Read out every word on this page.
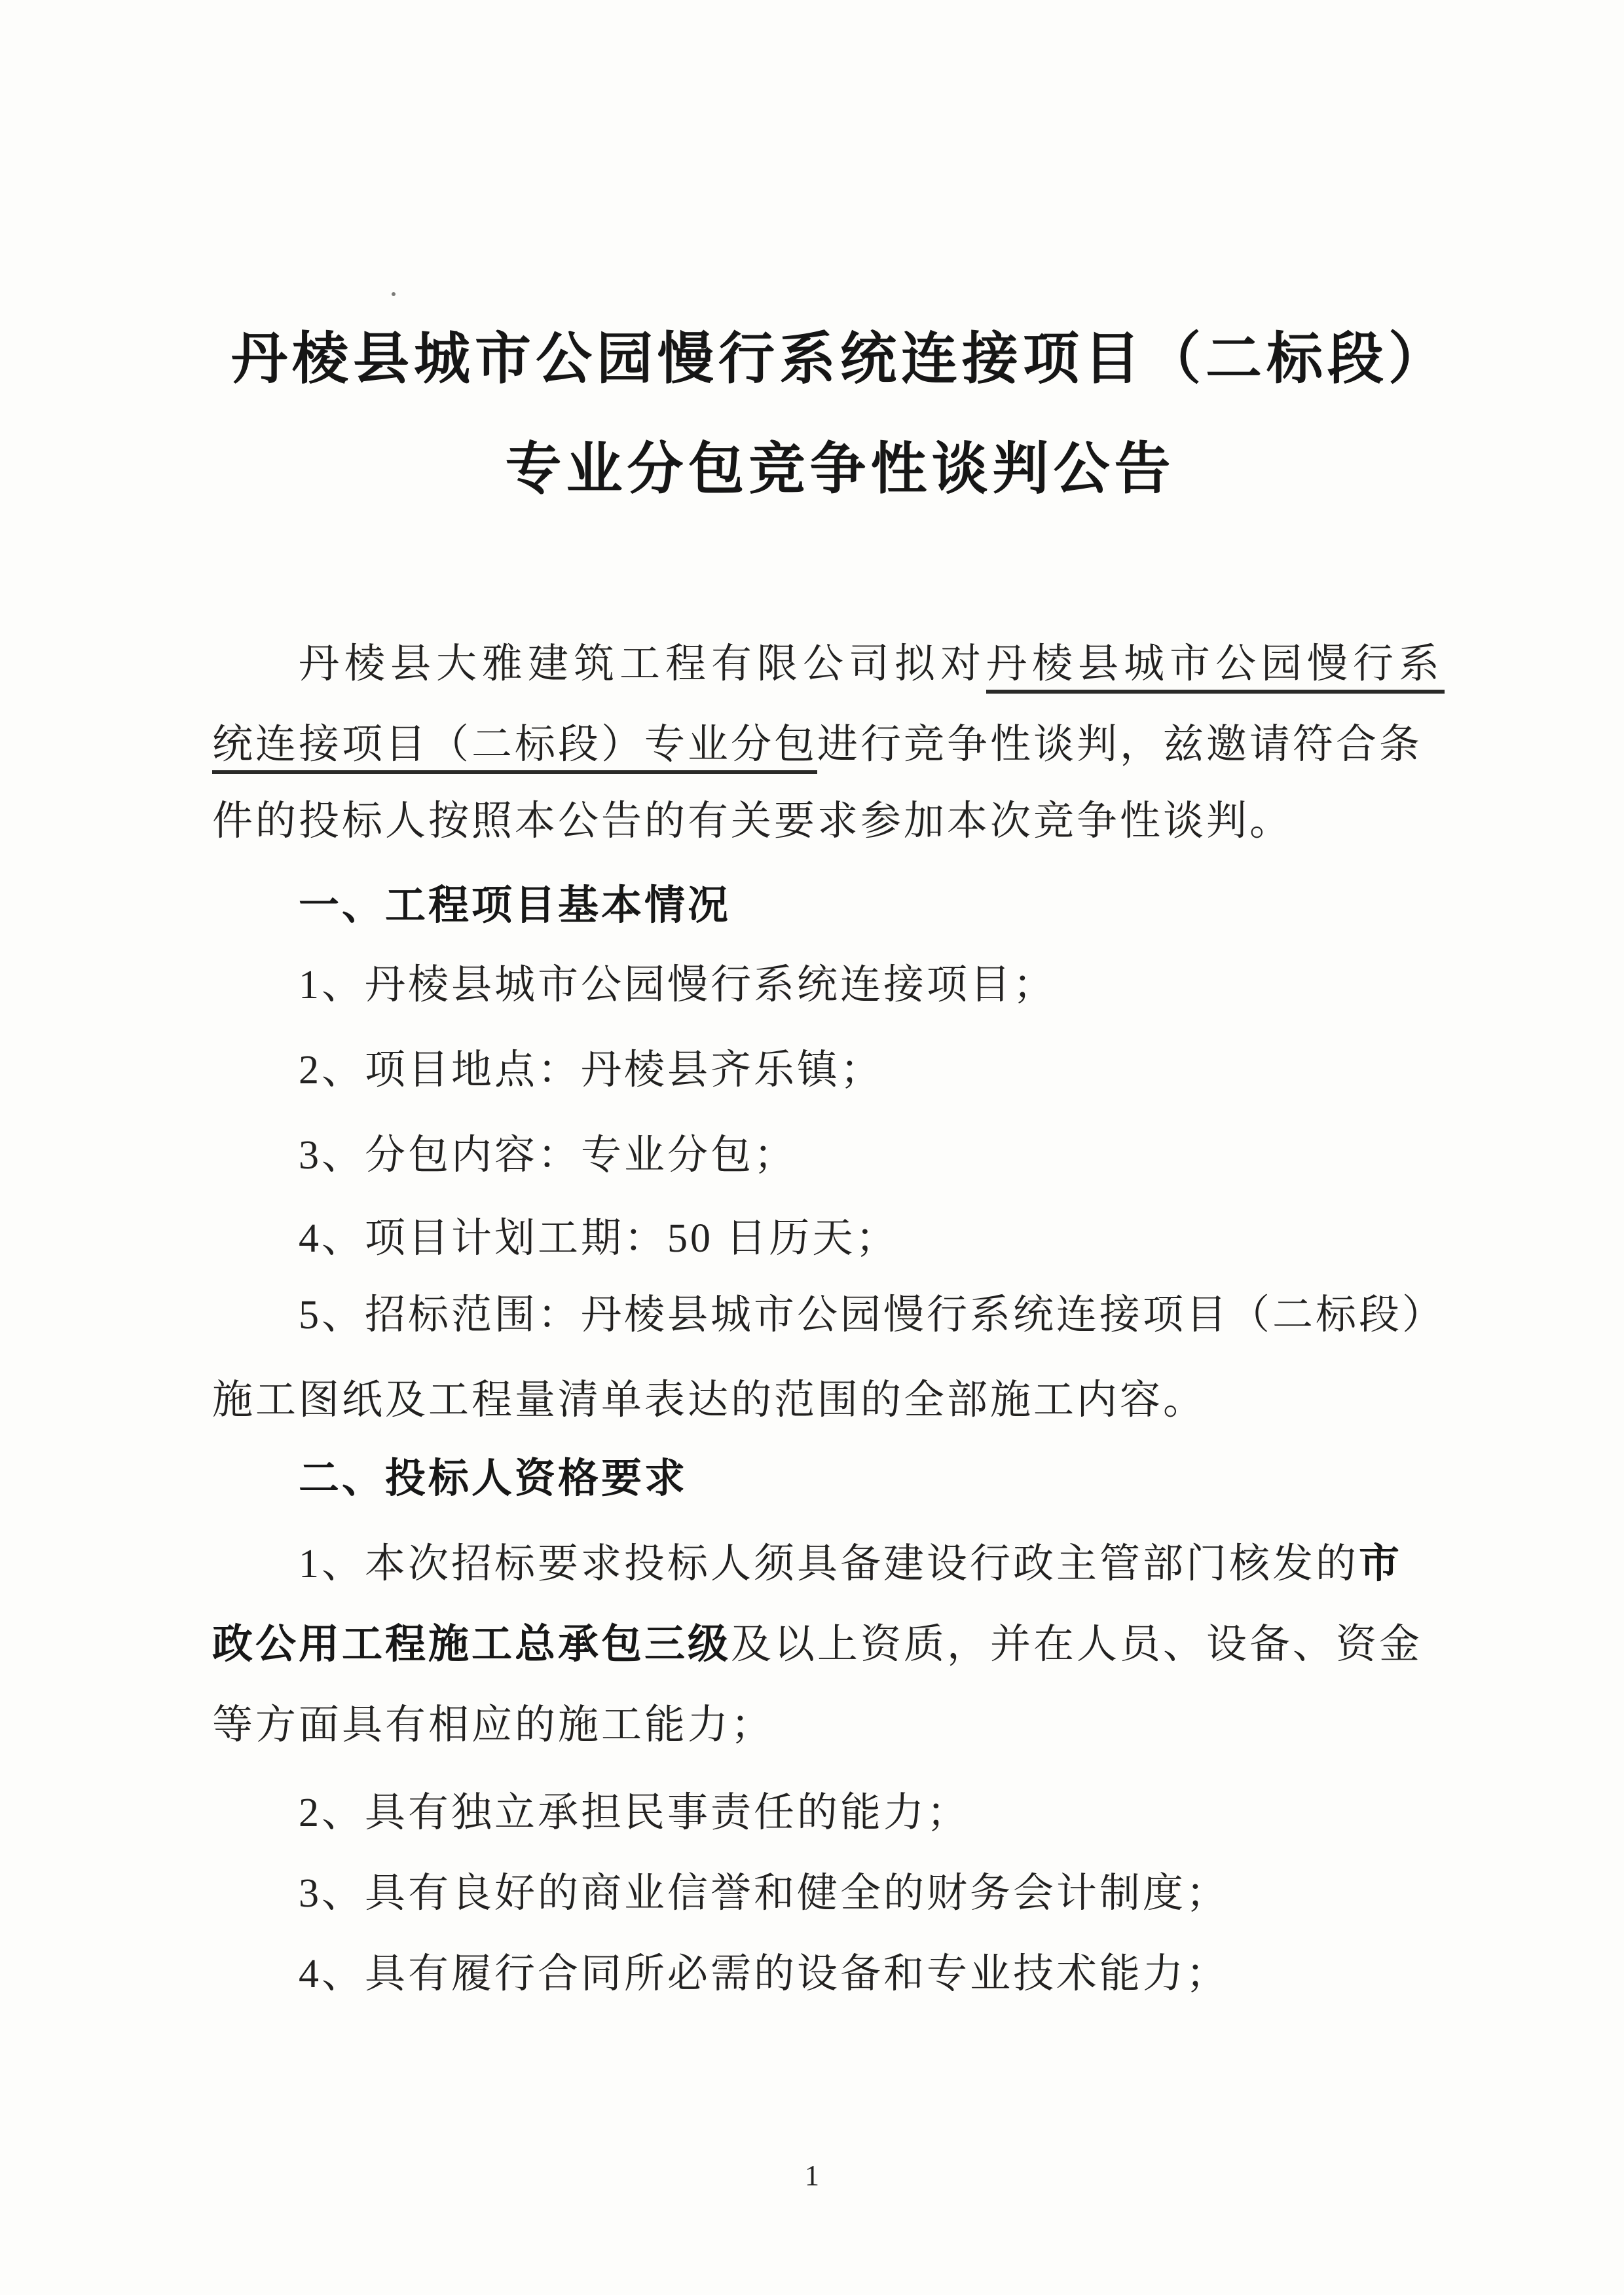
丹棱县城市公园慢行系统连接项目（二标段）
专业分包竞争性谈判公告
丹棱县大雅建筑工程有限公司拟对丹棱县城市公园慢行系
统连接项目（二标段）专业分包进行竞争性谈判，兹邀请符合条
件的投标人按照本公告的有关要求参加本次竞争性谈判。
一、工程项目基本情况
1、丹棱县城市公园慢行系统连接项目；
2、项目地点：丹棱县齐乐镇；
3、分包内容：专业分包；
4、项目计划工期：50 日历天；
5、招标范围：丹棱县城市公园慢行系统连接项目（二标段）
施工图纸及工程量清单表达的范围的全部施工内容。
二、投标人资格要求
1、本次招标要求投标人须具备建设行政主管部门核发的市
政公用工程施工总承包三级及以上资质，并在人员、设备、资金
等方面具有相应的施工能力；
2、具有独立承担民事责任的能力；
3、具有良好的商业信誉和健全的财务会计制度；
4、具有履行合同所必需的设备和专业技术能力；
1
